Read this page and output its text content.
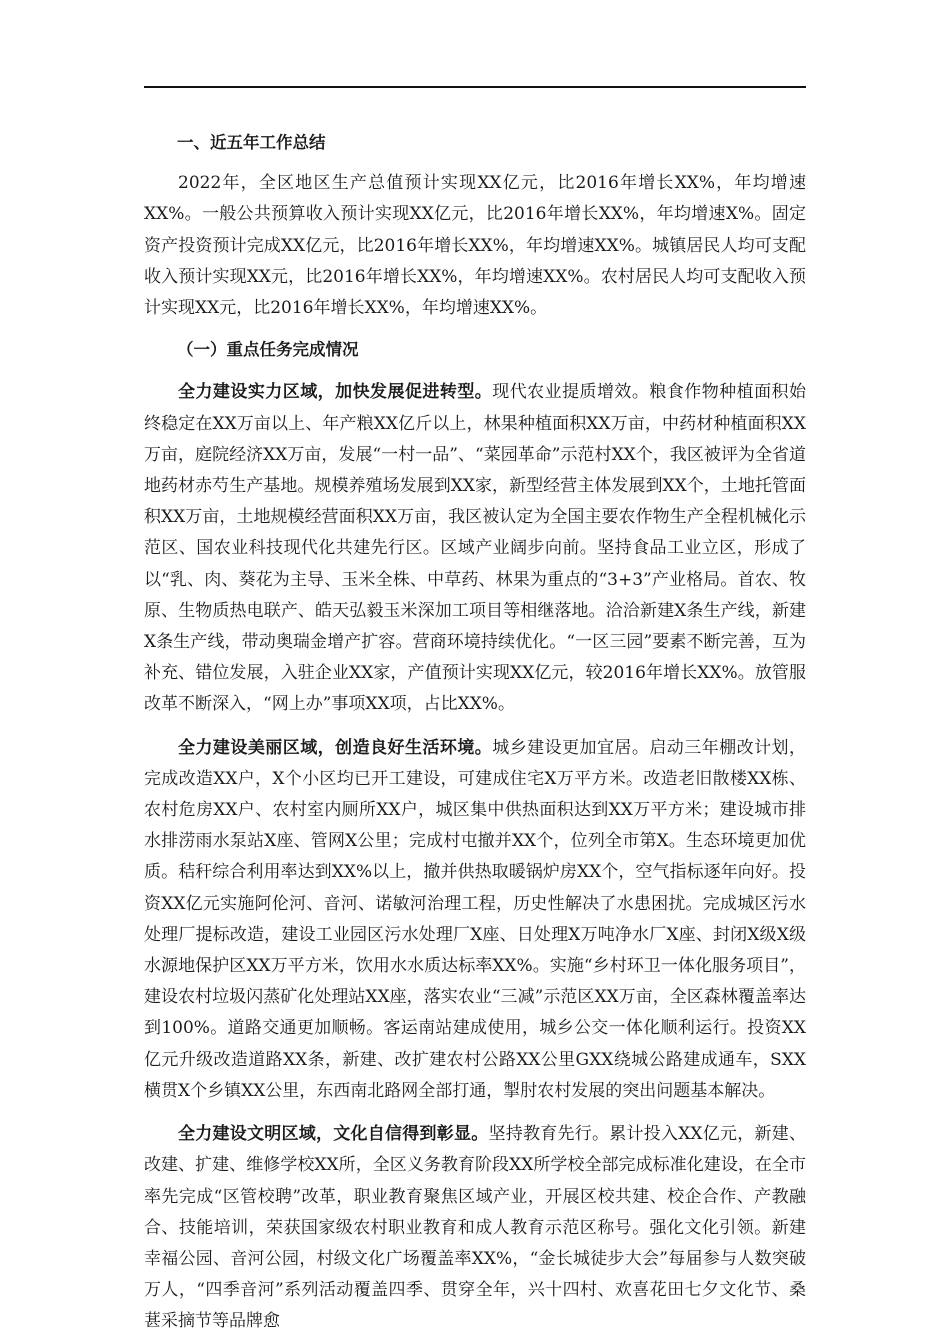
一、近五年工作总结

2022年，全区地区生产总值预计实现XX亿元，比2016年增长XX%，年均增速XX%。一般公共预算收入预计实现XX亿元，比2016年增长XX%，年均增速X%。固定资产投资预计完成XX亿元，比2016年增长XX%，年均增速XX%。城镇居民人均可支配收入预计实现XX元，比2016年增长XX%，年均增速XX%。农村居民人均可支配收入预计实现XX元，比2016年增长XX%，年均增速XX%。

（一）重点任务完成情况

全力建设实力区域，加快发展促进转型。现代农业提质增效。粮食作物种植面积始终稳定在XX万亩以上、年产粮XX亿斤以上，林果种植面积XX万亩，中药材种植面积XX万亩，庭院经济XX万亩，发展“一村一品”、“菜园革命”示范村XX个，我区被评为全省道地药材赤芍生产基地。规模养殖场发展到XX家，新型经营主体发展到XX个，土地托管面积XX万亩，土地规模经营面积XX万亩，我区被认定为全国主要农作物生产全程机械化示范区、国农业科技现代化共建先行区。区域产业阔步向前。坚持食品工业立区，形成了以“乳、肉、葵花为主导、玉米全株、中草药、林果为重点的“3+3”产业格局。首农、牧原、生物质热电联产、皓天弘毅玉米深加工项目等相继落地。洽洽新建X条生产线，新建X条生产线，带动奥瑞金增产扩容。营商环境持续优化。“一区三园”要素不断完善，互为补充、错位发展，入驻企业XX家，产值预计实现XX亿元，较2016年增长XX%。放管服改革不断深入，“网上办”事项XX项，占比XX%。

全力建设美丽区域，创造良好生活环境。城乡建设更加宜居。启动三年棚改计划，完成改造XX户，X个小区均已开工建设，可建成住宅X万平方米。改造老旧散楼XX栋、农村危房XX户、农村室内厕所XX户，城区集中供热面积达到XX万平方米；建设城市排水排涝雨水泵站X座、管网X公里；完成村屯撤并XX个，位列全市第X。生态环境更加优质。秸秆综合利用率达到XX%以上，撤并供热取暖锅炉房XX个，空气指标逐年向好。投资XX亿元实施阿伦河、音河、诺敏河治理工程，历史性解决了水患困扰。完成城区污水处理厂提标改造，建设工业园区污水处理厂X座、日处理X万吨净水厂X座、封闭X级X级水源地保护区XX万平方米，饮用水水质达标率XX%。实施“乡村环卫一体化服务项目”，建设农村垃圾闪蒸矿化处理站XX座，落实农业“三减”示范区XX万亩，全区森林覆盖率达到100%。道路交通更加顺畅。客运南站建成使用，城乡公交一体化顺利运行。投资XX亿元升级改造道路XX条，新建、改扩建农村公路XX公里GXX绕城公路建成通车，SXX横贯X个乡镇XX公里，东西南北路网全部打通，掣肘农村发展的突出问题基本解决。

全力建设文明区域，文化自信得到彰显。坚持教育先行。累计投入XX亿元，新建、改建、扩建、维修学校XX所，全区义务教育阶段XX所学校全部完成标准化建设，在全市率先完成“区管校聘”改革，职业教育聚焦区域产业，开展区校共建、校企合作、产教融合、技能培训，荣获国家级农村职业教育和成人教育示范区称号。强化文化引领。新建幸福公园、音河公园，村级文化广场覆盖率XX%，“金长城徒步大会”每届参与人数突破万人，“四季音河”系列活动覆盖四季、贯穿全年，兴十四村、欢喜花田七夕文化节、桑葚采摘节等品牌愈
